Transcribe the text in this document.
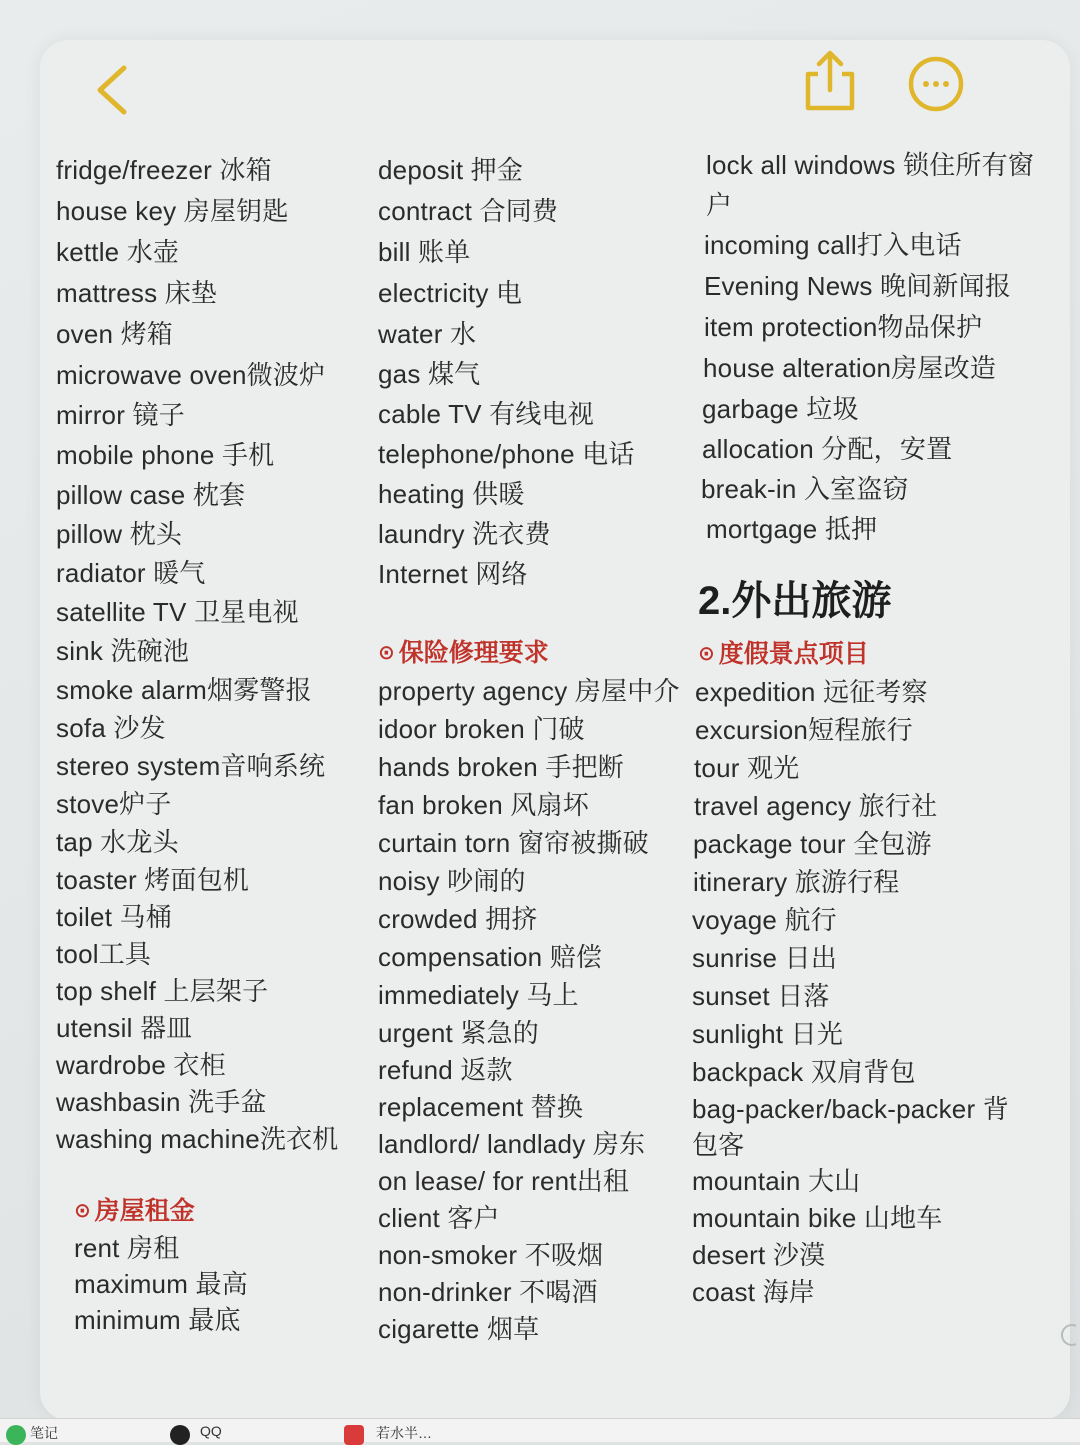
fridge/freezer 冰箱
house key 房屋钥匙
kettle 水壶
mattress 床垫
oven 烤箱
microwave oven微波炉
mirror 镜子
mobile phone 手机
pillow case 枕套
pillow 枕头
radiator 暖气
satellite TV 卫星电视
sink 洗碗池
smoke alarm烟雾警报
sofa 沙发
stereo system音响系统
stove炉子
tap 水龙头
toaster 烤面包机
toilet 马桶
tool工具
top shelf 上层架子
utensil 器皿
wardrobe 衣柜
washbasin 洗手盆
washing machine洗衣机
⊙ 房屋租金
rent 房租
maximum 最高
minimum 最底
deposit 押金
contract 合同费
bill 账单
electricity 电
water 水
gas 煤气
cable TV 有线电视
telephone/phone 电话
heating 供暖
laundry 洗衣费
Internet 网络
⊙ 保险修理要求
property agency 房屋中介
idoor broken 门破
hands broken 手把断
fan broken 风扇坏
curtain torn 窗帘被撕破
noisy 吵闹的
crowded 拥挤
compensation 赔偿
immediately 马上
urgent 紧急的
refund 返款
replacement 替换
landlord/ landlady 房东
on lease/ for rent出租
client 客户
non-smoker 不吸烟
non-drinker 不喝酒
cigarette 烟草
lock all windows 锁住所有窗户
incoming call打入电话
Evening News 晚间新闻报
item protection物品保护
house alteration房屋改造
garbage 垃圾
allocation 分配，安置
break-in 入室盗窃
mortgage 抵押
2.外出旅游
⊙ 度假景点项目
expedition 远征考察
excursion短程旅行
tour 观光
travel agency 旅行社
package tour 全包游
itinerary 旅游行程
voyage 航行
sunrise 日出
sunset 日落
sunlight 日光
backpack 双肩背包
bag-packer/back-packer 背包客
mountain 大山
mountain bike 山地车
desert 沙漠
coast 海岸
笔记	QQ	若水半…
